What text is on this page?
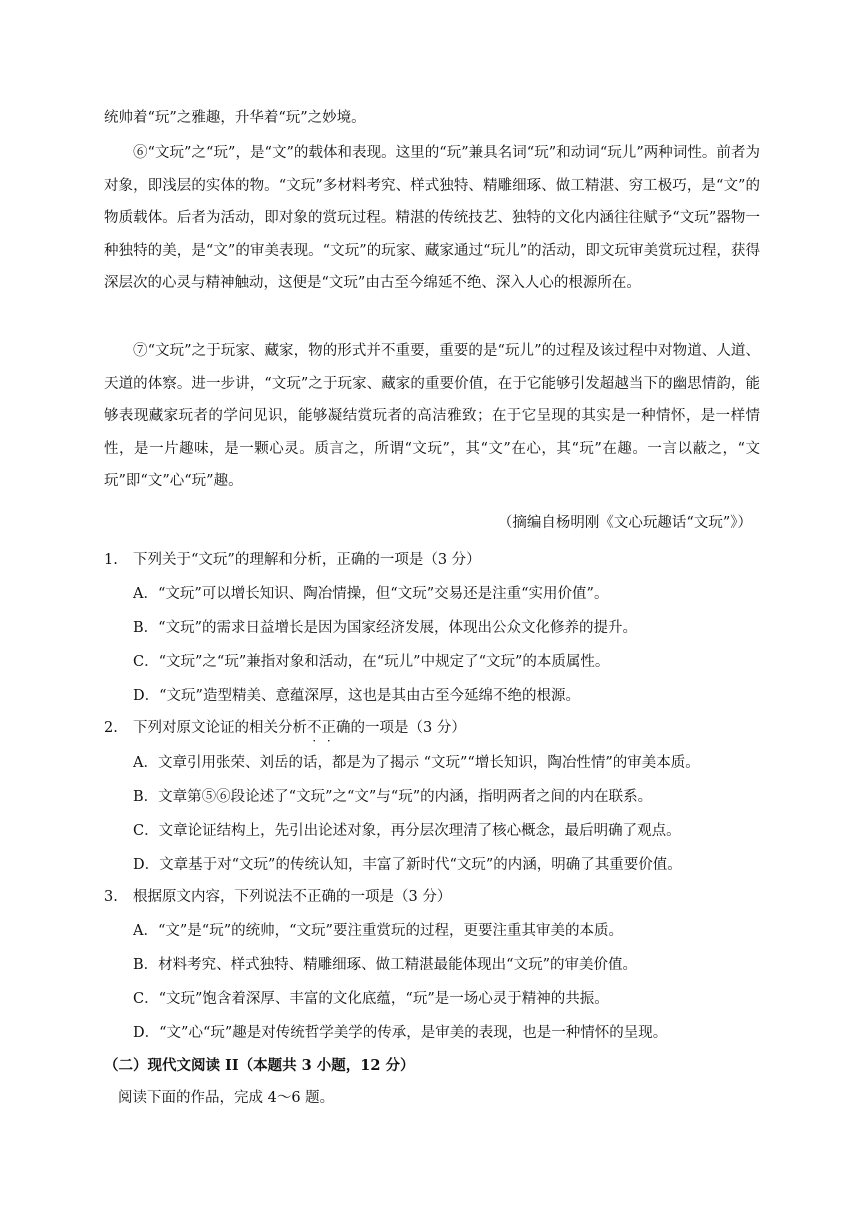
统帅着“玩”之雅趣，升华着“玩”之妙境。
⑥“文玩”之“玩”，是“文”的载体和表现。这里的“玩”兼具名词“玩”和动词“玩儿”两种词性。前者为对象，即浅层的实体的物。“文玩”多材料考究、样式独特、精雕细琢、做工精湛、穷工极巧，是“文”的物质载体。后者为活动，即对象的赏玩过程。精湛的传统技艺、独特的文化内涵往往赋予“文玩”器物一种独特的美，是“文”的审美表现。“文玩”的玩家、藏家通过“玩儿”的活动，即文玩审美赏玩过程，获得深层次的心灵与精神触动，这便是“文玩”由古至今绵延不绝、深入人心的根源所在。
⑦“文玩”之于玩家、藏家，物的形式并不重要，重要的是“玩儿”的过程及该过程中对物道、人道、天道的体察。进一步讲，“文玩”之于玩家、藏家的重要价值，在于它能够引发超越当下的幽思情韵，能够表现藏家玩者的学问见识，能够凝结赏玩者的高洁雅致；在于它呈现的其实是一种情怀，是一样情性，是一片趣味，是一颗心灵。质言之，所谓“文玩”，其“文”在心，其“玩”在趣。一言以蔽之，“文玩”即“文”心“玩”趣。
（摘编自杨明刚《文心玩趣话“文玩”》）
1. 下列关于“文玩”的理解和分析，正确的一项是（3 分）
A．“文玩”可以增长知识、陶冶情操，但“文玩”交易还是注重“实用价值”。
B．“文玩”的需求日益增长是因为国家经济发展，体现出公众文化修养的提升。
C．“文玩”之“玩”兼指对象和活动，在“玩儿”中规定了“文玩”的本质属性。
D．“文玩”造型精美、意蕴深厚，这也是其由古至今延绵不绝的根源。
2. 下列对原文论证的相关分析不正确的一项是（3 分）
A．文章引用张荣、刘岳的话，都是为了揭示 “文玩”“增长知识，陶冶性情”的审美本质。
B．文章第⑤⑥段论述了“文玩”之“文”与“玩”的内涵，指明两者之间的内在联系。
C．文章论证结构上，先引出论述对象，再分层次理清了核心概念，最后明确了观点。
D．文章基于对“文玩”的传统认知，丰富了新时代“文玩”的内涵，明确了其重要价值。
3. 根据原文内容，下列说法不正确的一项是（3 分）
A．“文”是“玩”的统帅，“文玩”要注重赏玩的过程，更要注重其审美的本质。
B．材料考究、样式独特、精雕细琢、做工精湛最能体现出“文玩”的审美价值。
C．“文玩”饱含着深厚、丰富的文化底蕴，“玩”是一场心灵于精神的共振。
D．“文”心“玩”趣是对传统哲学美学的传承，是审美的表现，也是一种情怀的呈现。
（二）现代文阅读 II（本题共 3 小题，12 分）
阅读下面的作品，完成 4～6 题。
